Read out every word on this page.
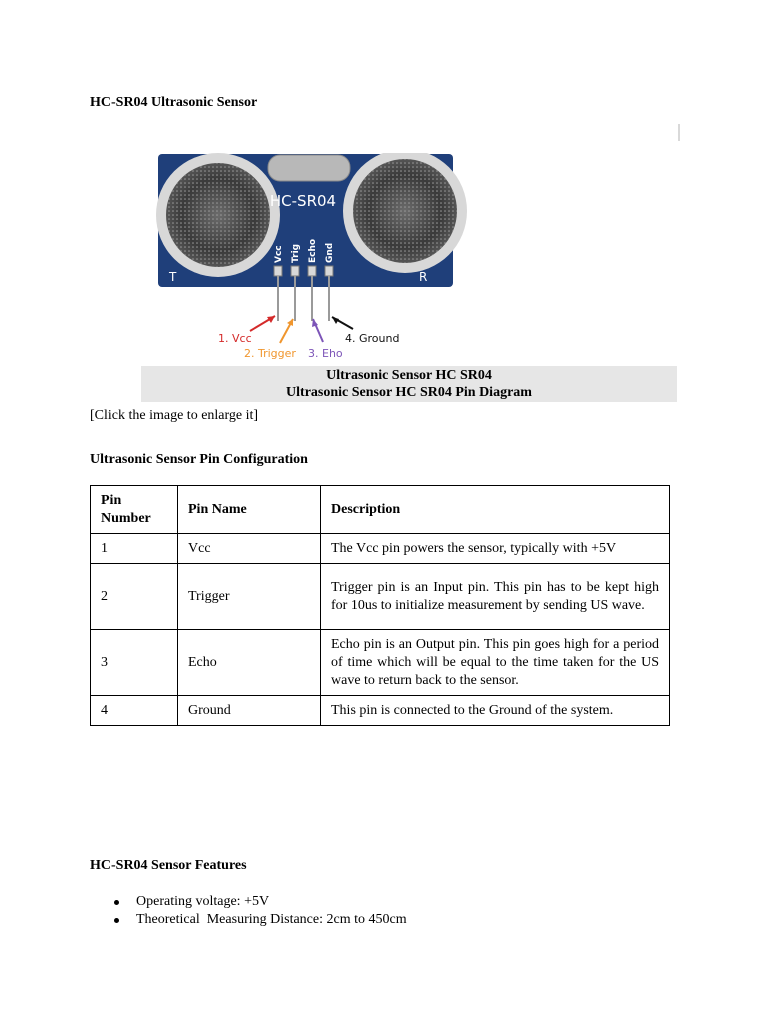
HC-SR04 Ultrasonic Sensor
HC-SR04
Vcc Trig Echo Gnd
T	R
1. Vcc
2. Trigger 3. Eho
4. Ground
Ultrasonic Sensor HC SR04
Ultrasonic Sensor HC SR04 Pin Diagram
[Click the image to enlarge it]
Ultrasonic Sensor Pin Configuration
Pin Number	Pin Name	Description
1	Vcc	The Vcc pin powers the sensor, typically with +5V
2	Trigger	Trigger pin is an Input pin. This pin has to be kept high for 10us to initialize measurement by sending US wave.
3	Echo	Echo pin is an Output pin. This pin goes high for a period of time which will be equal to the time taken for the US wave to return back to the sensor.
4	Ground	This pin is connected to the Ground of the system.
HC-SR04 Sensor Features
Operating voltage: +5V
Theoretical  Measuring Distance: 2cm to 450cm
